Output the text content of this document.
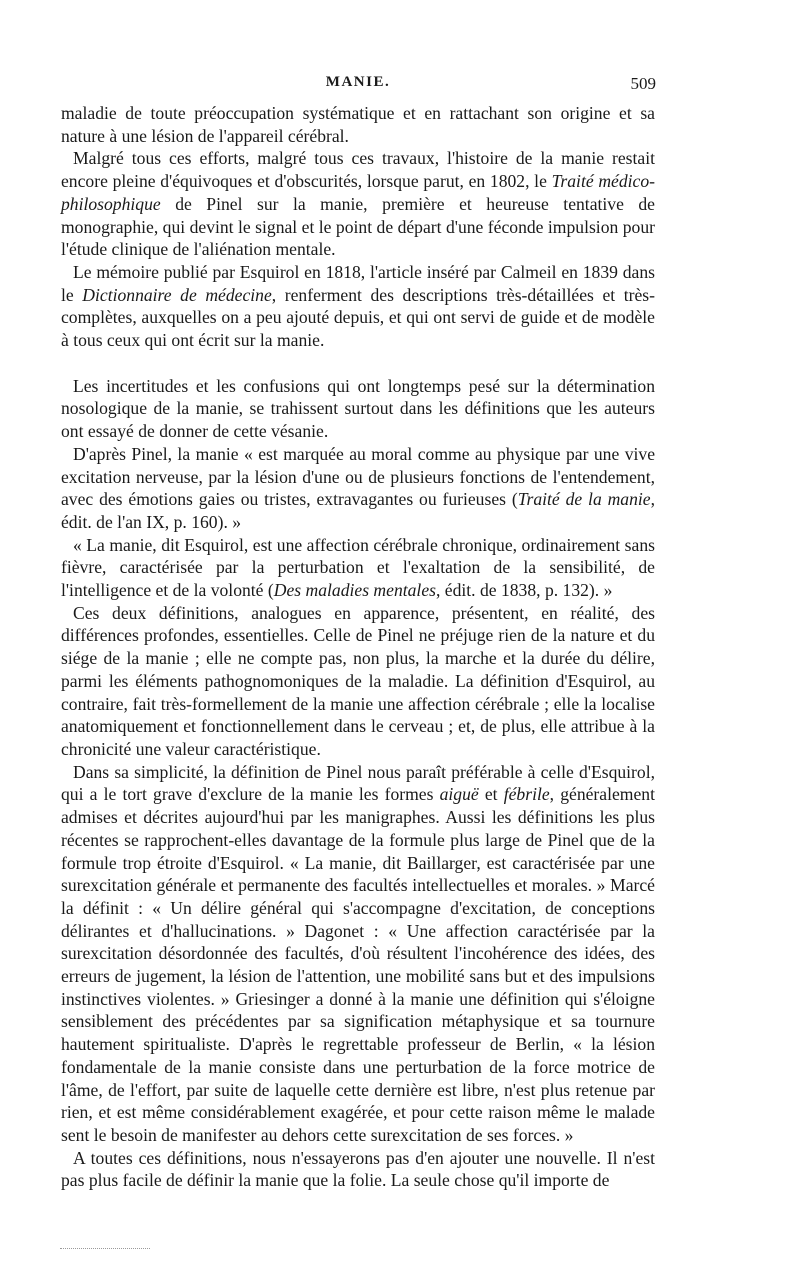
MANIE.	509

maladie de toute préoccupation systématique et en rattachant son origine et sa nature à une lésion de l'appareil cérébral.

Malgré tous ces efforts, malgré tous ces travaux, l'histoire de la manie restait encore pleine d'équivoques et d'obscurités, lorsque parut, en 1802, le Traité médico-philosophique de Pinel sur la manie, première et heureuse tentative de monographie, qui devint le signal et le point de départ d'une féconde impulsion pour l'étude clinique de l'aliénation mentale.

Le mémoire publié par Esquirol en 1818, l'article inséré par Calmeil en 1839 dans le Dictionnaire de médecine, renferment des descriptions très-détaillées et très-complètes, auxquelles on a peu ajouté depuis, et qui ont servi de guide et de modèle à tous ceux qui ont écrit sur la manie.

Les incertitudes et les confusions qui ont longtemps pesé sur la détermination nosologique de la manie, se trahissent surtout dans les définitions que les auteurs ont essayé de donner de cette vésanie.

D'après Pinel, la manie « est marquée au moral comme au physique par une vive excitation nerveuse, par la lésion d'une ou de plusieurs fonctions de l'entendement, avec des émotions gaies ou tristes, extravagantes ou furieuses (Traité de la manie, édit. de l'an IX, p. 160). »

« La manie, dit Esquirol, est une affection cérébrale chronique, ordinairement sans fièvre, caractérisée par la perturbation et l'exaltation de la sensibilité, de l'intelligence et de la volonté (Des maladies mentales, édit. de 1838, p. 132). »

Ces deux définitions, analogues en apparence, présentent, en réalité, des différences profondes, essentielles. Celle de Pinel ne préjuge rien de la nature et du siége de la manie ; elle ne compte pas, non plus, la marche et la durée du délire, parmi les éléments pathognomoniques de la maladie. La définition d'Esquirol, au contraire, fait très-formellement de la manie une affection cérébrale ; elle la localise anatomiquement et fonctionnellement dans le cerveau ; et, de plus, elle attribue à la chronicité une valeur caractéristique.

Dans sa simplicité, la définition de Pinel nous paraît préférable à celle d'Esquirol, qui a le tort grave d'exclure de la manie les formes aiguë et fébrile, généralement admises et décrites aujourd'hui par les manigraphes. Aussi les définitions les plus récentes se rapprochent-elles davantage de la formule plus large de Pinel que de la formule trop étroite d'Esquirol. « La manie, dit Baillarger, est caractérisée par une surexcitation générale et permanente des facultés intellectuelles et morales. » Marcé la définit : « Un délire général qui s'accompagne d'excitation, de conceptions délirantes et d'hallucinations. » Dagonet : « Une affection caractérisée par la surexcitation désordonnée des facultés, d'où résultent l'incohérence des idées, des erreurs de jugement, la lésion de l'attention, une mobilité sans but et des impulsions instinctives violentes. » Griesinger a donné à la manie une définition qui s'éloigne sensiblement des précédentes par sa signification métaphysique et sa tournure hautement spiritualiste. D'après le regrettable professeur de Berlin, « la lésion fondamentale de la manie consiste dans une perturbation de la force motrice de l'âme, de l'effort, par suite de laquelle cette dernière est libre, n'est plus retenue par rien, et est même considérablement exagérée, et pour cette raison même le malade sent le besoin de manifester au dehors cette surexcitation de ses forces. »

A toutes ces définitions, nous n'essayerons pas d'en ajouter une nouvelle. Il n'est pas plus facile de définir la manie que la folie. La seule chose qu'il importe de
